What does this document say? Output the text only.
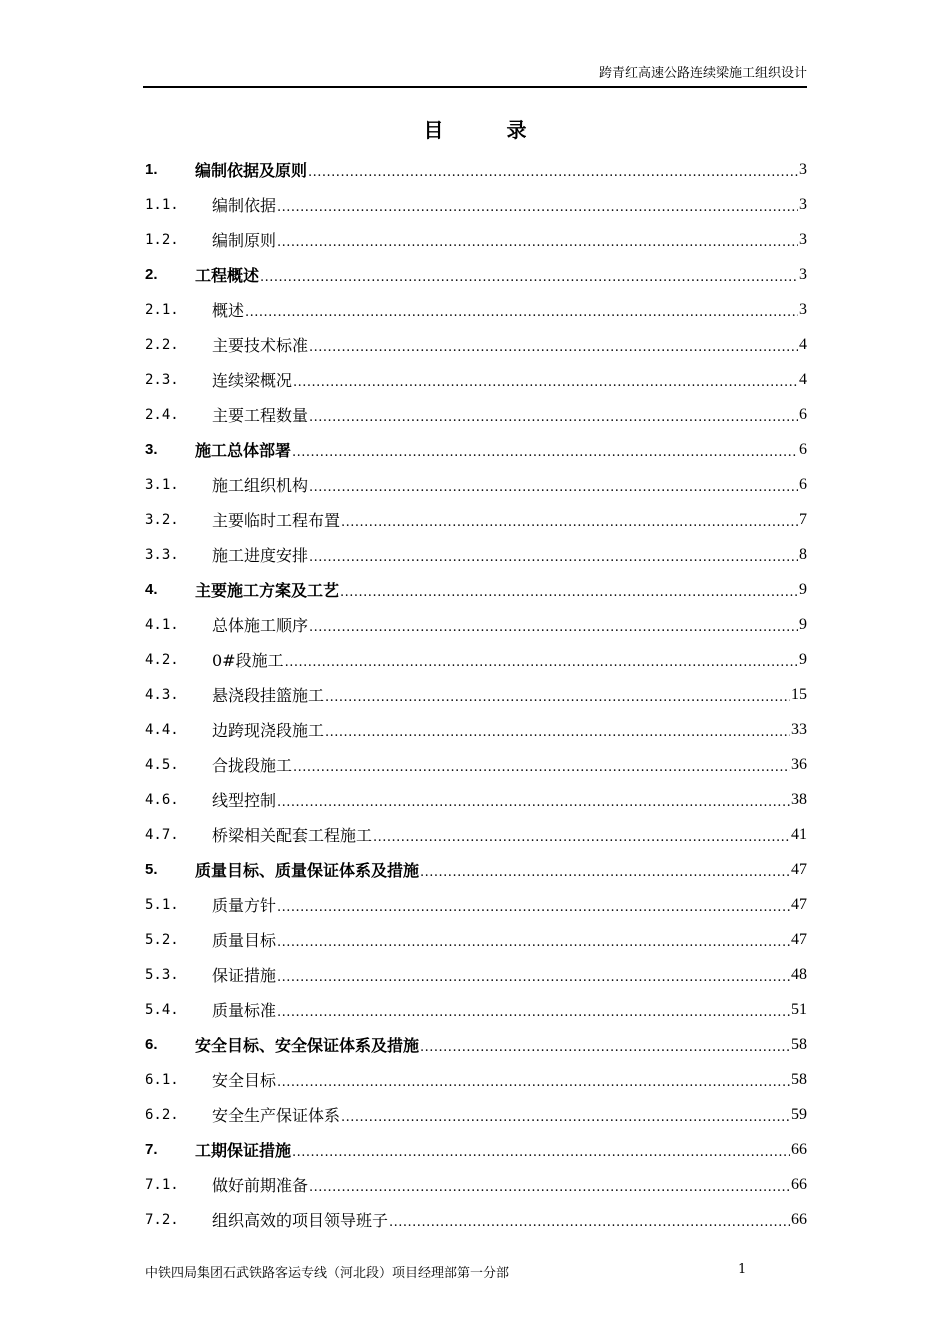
跨青红高速公路连续梁施工组织设计
目 录
1.	编制依据及原则 .....	3
1.1.	编制依据 .....	3
1.2.	编制原则 .....	3
2.	工程概述 .....	3
2.1.	概述 .....	3
2.2.	主要技术标准 .....	4
2.3.	连续梁概况 .....	4
2.4.	主要工程数量 .....	6
3.	施工总体部署 .....	6
3.1.	施工组织机构 .....	6
3.2.	主要临时工程布置 .....	7
3.3.	施工进度安排 .....	8
4.	主要施工方案及工艺 .....	9
4.1.	总体施工顺序 .....	9
4.2.	0#段施工 .....	9
4.3.	悬浇段挂篮施工 .....	15
4.4.	边跨现浇段施工 .....	33
4.5.	合拢段施工 .....	36
4.6.	线型控制 .....	38
4.7.	桥梁相关配套工程施工 .....	41
5.	质量目标、质量保证体系及措施 .....	47
5.1.	质量方针 .....	47
5.2.	质量目标 .....	47
5.3.	保证措施 .....	48
5.4.	质量标准 .....	51
6.	安全目标、安全保证体系及措施 .....	58
6.1.	安全目标 .....	58
6.2.	安全生产保证体系 .....	59
7.	工期保证措施 .....	66
7.1.	做好前期准备 .....	66
7.2.	组织高效的项目领导班子 .....	66
中铁四局集团石武铁路客运专线（河北段）项目经理部第一分部	1
